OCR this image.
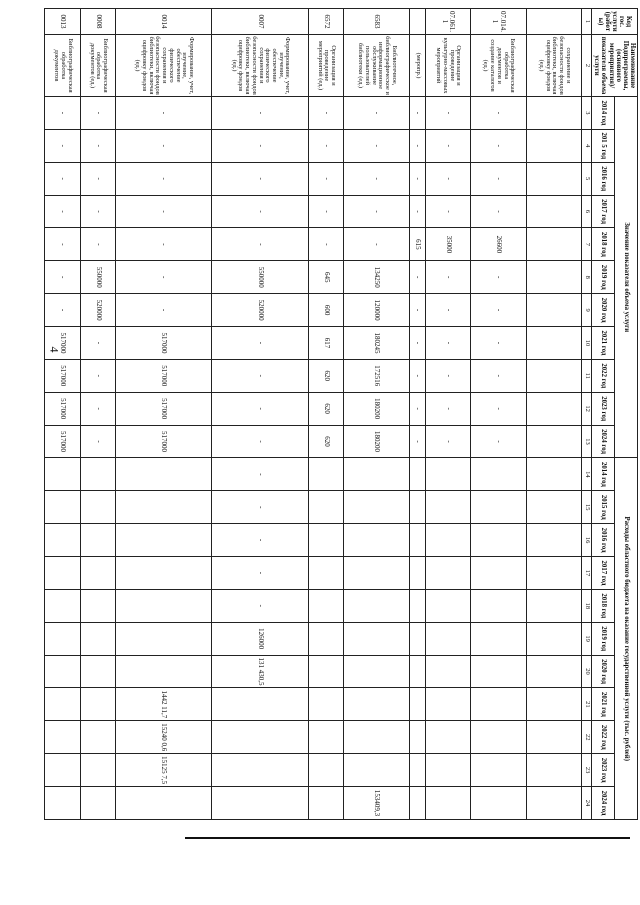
4
Код гос. услуги (работы)	Наименование Подпрограммы, (основного мероприятия)/ показателя объема услуги	Значение показателя объема услуги											Расходы областного бюджета на оказание государственной услуги (тыс. рублей)										
		2014 год	201 5 год	2016 год	2017 год	2018 год	2019 год	2020 год	2021 год	2022 год	2023 год	2024 год	2014 год	2015 год	2016 год	2017 год	2018 год	2019 год	2020 год	2021 год	2022 год	2023 год	2024 год
1	2	3	4	5	6	7	8	9	10	11	12	13	14	15	16	17	18	19	20	21	22	23	24
	сохранение и безопасности фондов библиотеки, включая оцифровку фондов (ед.)																						
07.014.1	Библиографическая обработка документов и создание каталогов (ед.)	-	-	-	-	26600	-	-	-	-	-	-											
07.061.1	Организация и проведение культурно-массовых мероприятий	-	-	-	-	35000	-	-	-	-	-	-											
	(меропр.)	-	-	-	-	615	-	-	-	-	-	-											
6583	Библиотечное, библиографическое и информационное обслуживание пользователей библиотеки (ед.)	-	-	-	-	-	134250	120000	180245	172516	180200	180200											153409,3
6572	Организация и проведение мероприятий (ед.)	-	-	-	-	-	645	600	617	620	620	620											
0007	Формирование, учет, изучение, обеспечение физического сохранения и безопасности фондов библиотеки, включая оцифровку фондов (ед.)	-	-	-	-	-	550000	520000	-	-	-	-	-	-	-	-	-	126000	131 430,5				
0014	Формирование, учет, изучение, обеспечение физического сохранения и безопасности фондов библиотеки, включая оцифровку фондов (ед.)	-	-	-	-	-	-	-	517000	517000	517000	517000								1442 11,7	15240 0,6	15125 7,5	
0008	Библиографическая обработка документов (ед.)	-	-	-	-	-	550000	520000	-	-	-	-											
0013	Библиографическая обработка документов	-	-	-	-	-	-	-	517000	517000	517000	517000											
